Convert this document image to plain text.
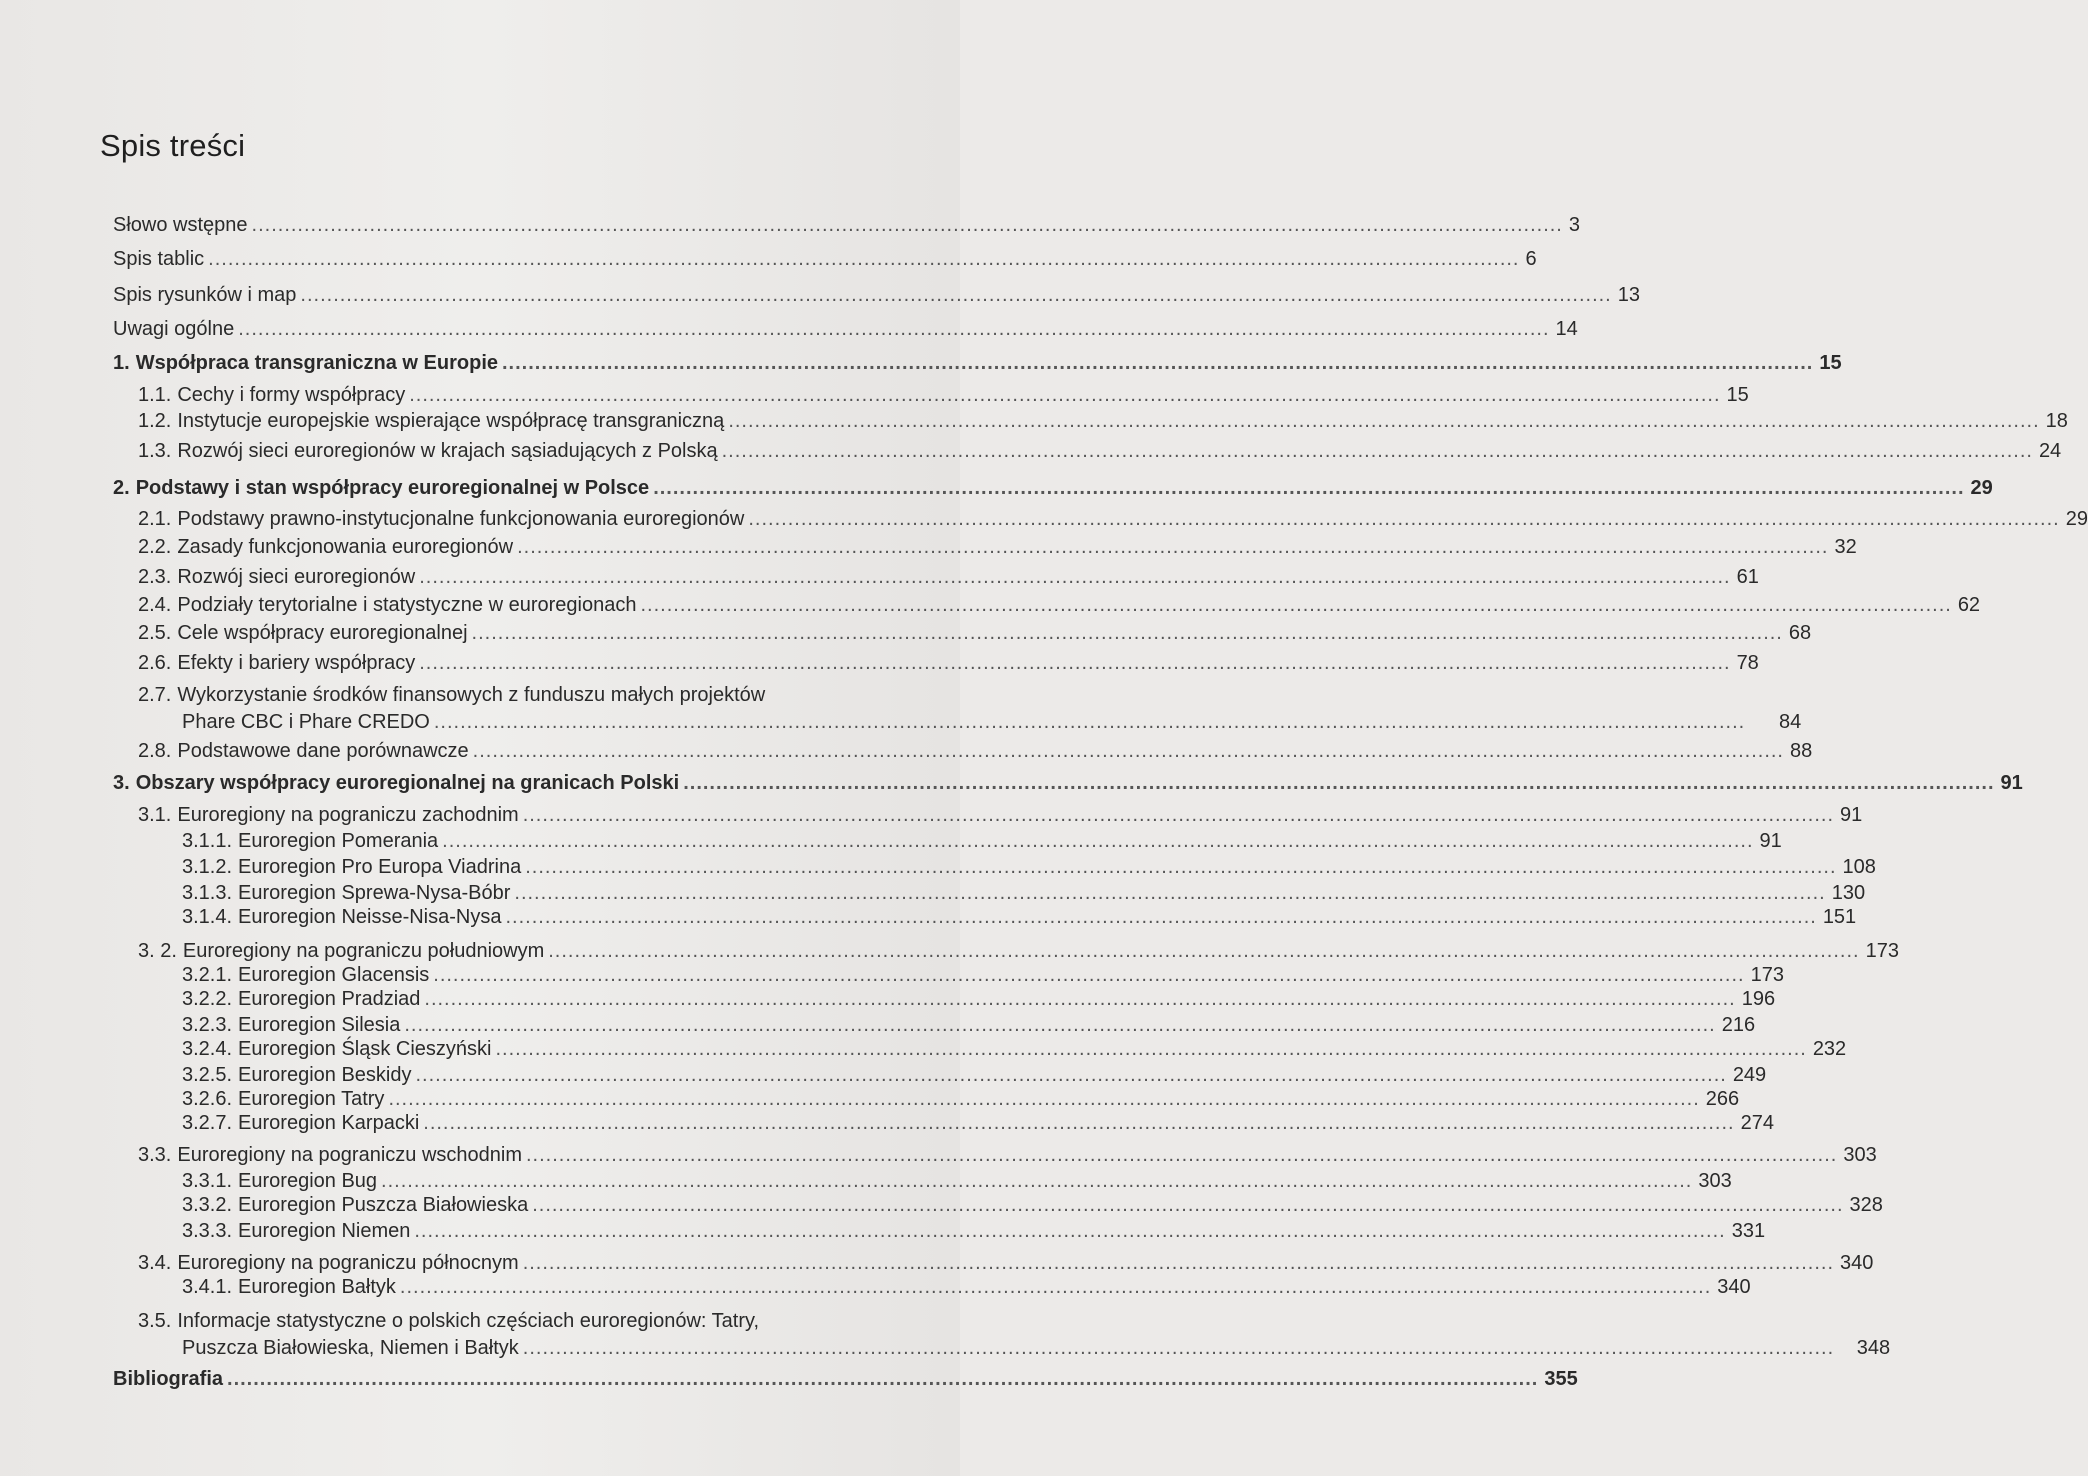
Spis treści
Słowo wstępne .....	3
Spis tablic .....	6
Spis rysunków i map .....	13
Uwagi ogólne .....	14
1. Współpraca transgraniczna w Europie .....	15
1.1. Cechy i formy współpracy .....	15
1.2. Instytucje europejskie wspierające współpracę transgraniczną .....	18
1.3. Rozwój sieci euroregionów w krajach sąsiadujących z Polską .....	24
2. Podstawy i stan współpracy euroregionalnej w Polsce .....	29
2.1. Podstawy prawno-instytucjonalne funkcjonowania euroregionów .....	29
2.2. Zasady funkcjonowania euroregionów .....	32
2.3. Rozwój sieci euroregionów .....	61
2.4. Podziały terytorialne i statystyczne w euroregionach .....	62
2.5. Cele współpracy euroregionalnej .....	68
2.6. Efekty i bariery współpracy .....	78
2.7. Wykorzystanie środków finansowych z funduszu małych projektów
Phare CBC i Phare CREDO .....	84
2.8. Podstawowe dane porównawcze .....	88
3. Obszary współpracy euroregionalnej na granicach Polski .....	91
3.1. Euroregiony na pograniczu zachodnim .....	91
3.1.1. Euroregion Pomerania .....	91
3.1.2. Euroregion Pro Europa Viadrina .....	108
3.1.3. Euroregion Sprewa-Nysa-Bóbr .....	130
3.1.4. Euroregion Neisse-Nisa-Nysa .....	151
3. 2. Euroregiony na pograniczu południowym .....	173
3.2.1. Euroregion Glacensis .....	173
3.2.2. Euroregion Pradziad .....	196
3.2.3. Euroregion Silesia .....	216
3.2.4. Euroregion Śląsk Cieszyński .....	232
3.2.5. Euroregion Beskidy .....	249
3.2.6. Euroregion Tatry .....	266
3.2.7. Euroregion Karpacki .....	274
3.3. Euroregiony na pograniczu wschodnim .....	303
3.3.1. Euroregion Bug .....	303
3.3.2. Euroregion Puszcza Białowieska .....	328
3.3.3. Euroregion Niemen .....	331
3.4. Euroregiony na pograniczu północnym .....	340
3.4.1. Euroregion Bałtyk .....	340
3.5. Informacje statystyczne o polskich częściach euroregionów: Tatry,
Puszcza Białowieska, Niemen i Bałtyk .....	348
Bibliografia .....	355
